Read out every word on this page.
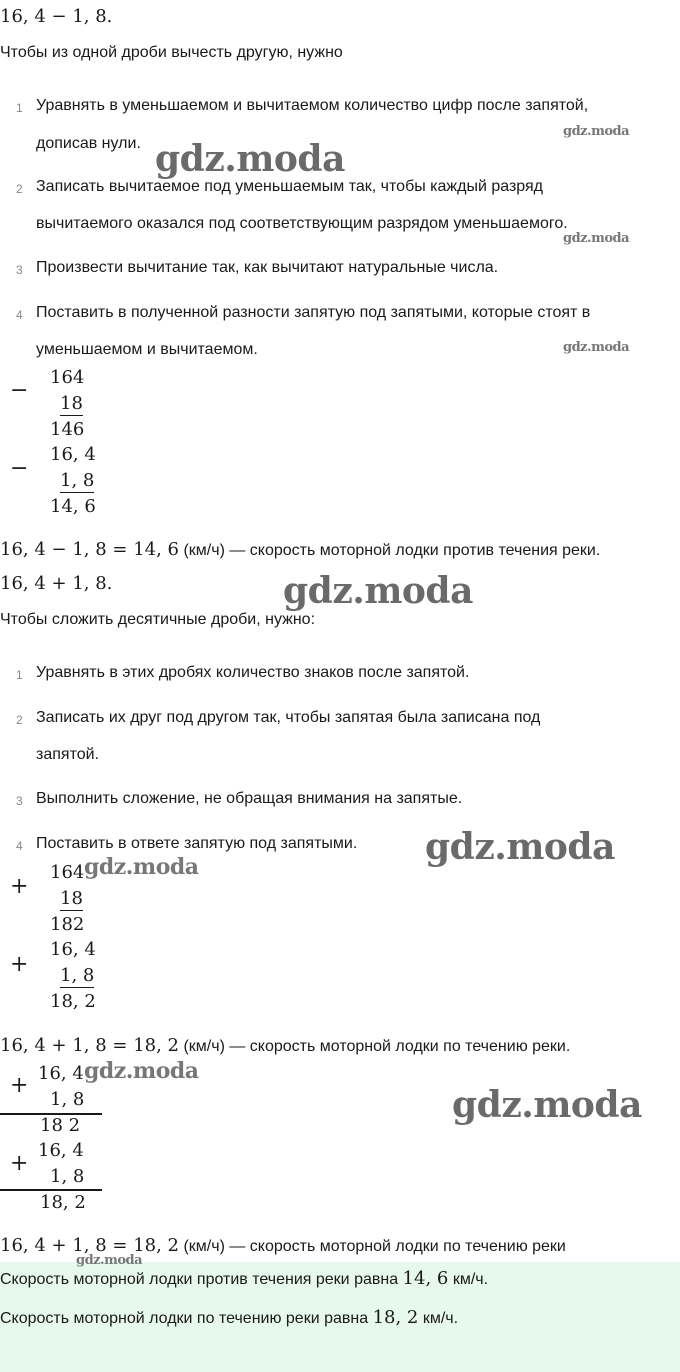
16, 4 − 1, 8.
Чтобы из одной дроби вычесть другую, нужно
1 Уравнять в уменьшаемом и вычитаемом количество цифр после запятой,
дописав нули.
2 Записать вычитаемое под уменьшаемым так, чтобы каждый разряд
вычитаемого оказался под соответствующим разрядом уменьшаемого.
3 Произвести вычитание так, как вычитают натуральные числа.
4 Поставить в полученной разности запятую под запятыми, которые стоят в
уменьшаемом и вычитаемом.
−
164
18
146
−
16, 4
1, 8
14, 6
16, 4 − 1, 8 = 14, 6 (км/ч) — скорость моторной лодки против течения реки.
16, 4 + 1, 8.
Чтобы сложить десятичные дроби, нужно:
1 Уравнять в этих дробях количество знаков после запятой.
2 Записать их друг под другом так, чтобы запятая была записана под
запятой.
3 Выполнить сложение, не обращая внимания на запятые.
4 Поставить в ответе запятую под запятыми.
+
164
18
182
+
16, 4
1, 8
18, 2
16, 4 + 1, 8 = 18, 2 (км/ч) — скорость моторной лодки по течению реки.
+ 16, 4
1, 8
18 2
+
16, 4
1, 8
18, 2
16, 4 + 1, 8 = 18, 2 (км/ч) — скорость моторной лодки по течению реки
Скорость моторной лодки против течения реки равна 14, 6 км/ч.
Скорость моторной лодки по течению реки равна 18, 2 км/ч.
gdz.moda
gdz.moda
gdz.moda
gdz.moda
gdz.moda
gdz.moda
gdz.moda
gdz.moda
gdz.moda
gdz.moda
